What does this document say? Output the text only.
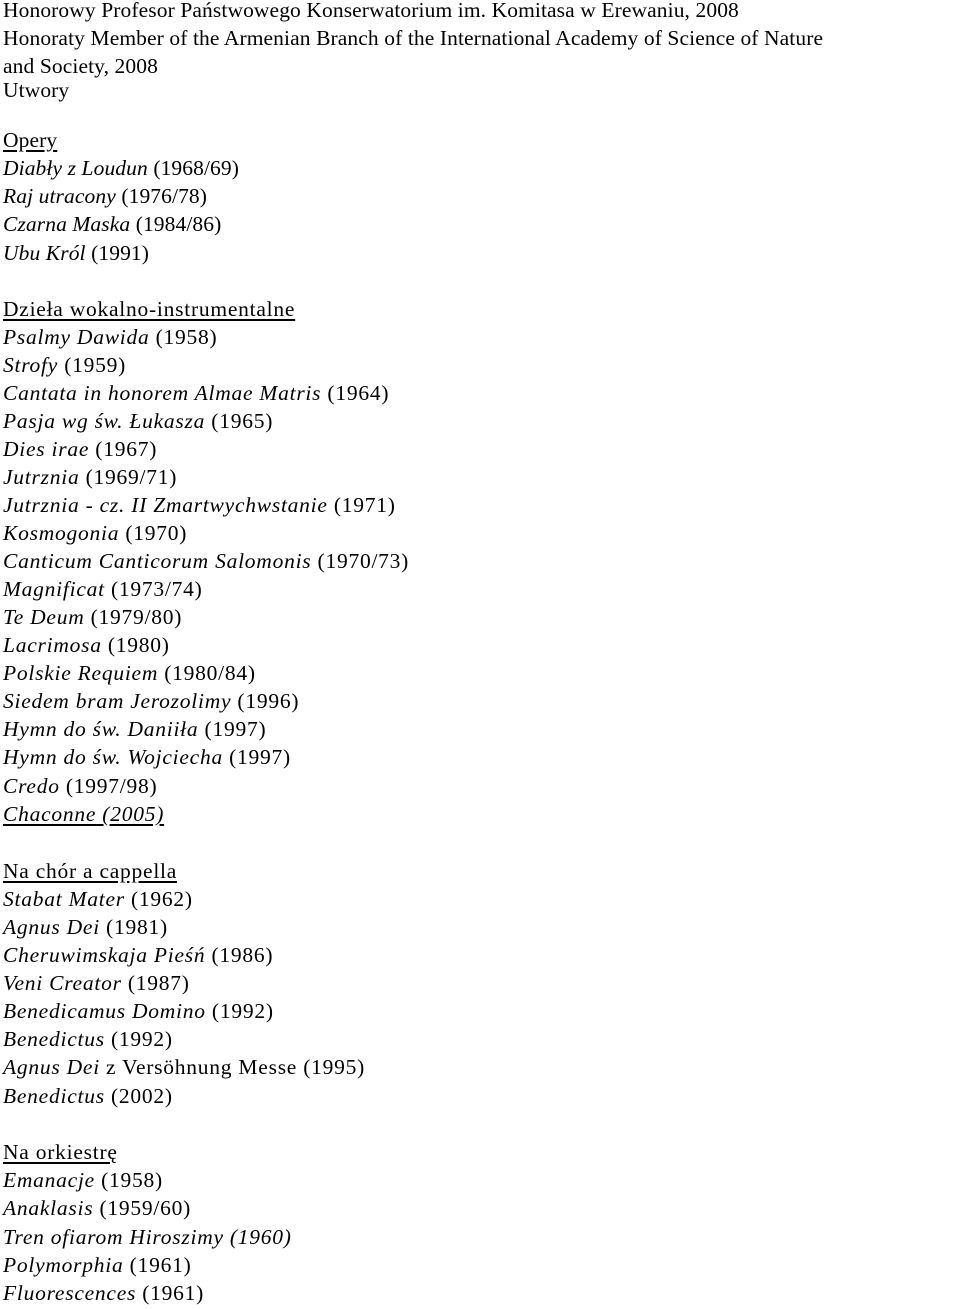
Honorowy Profesor Państwowego Konserwatorium im. Komitasa w Erewaniu, 2008
Honoraty Member of the Armenian Branch of the International Academy of Science of Nature
and Society, 2008
Utwory
Opery
Diabły z Loudun (1968/69)
Raj utracony (1976/78)
Czarna Maska (1984/86)
Ubu Król (1991)
Dzieła wokalno-instrumentalne
Psalmy Dawida (1958)
Strofy (1959)
Cantata in honorem Almae Matris (1964)
Pasja wg św. Łukasza (1965)
Dies irae (1967)
Jutrznia (1969/71)
Jutrznia - cz. II Zmartwychwstanie (1971)
Kosmogonia (1970)
Canticum Canticorum Salomonis (1970/73)
Magnificat (1973/74)
Te Deum (1979/80)
Lacrimosa (1980)
Polskie Requiem (1980/84)
Siedem bram Jerozolimy (1996)
Hymn do św. Daniiła (1997)
Hymn do św. Wojciecha (1997)
Credo (1997/98)
Chaconne (2005)
Na chór a cappella
Stabat Mater (1962)
Agnus Dei (1981)
Cheruwimskaja Pieśń (1986)
Veni Creator (1987)
Benedicamus Domino (1992)
Benedictus (1992)
Agnus Dei z Versöhnung Messe (1995)
Benedictus (2002)
Na orkiestrę
Emanacje (1958)
Anaklasis (1959/60)
Tren ofiarom Hiroszimy (1960)
Polymorphia (1961)
Fluorescences (1961)
